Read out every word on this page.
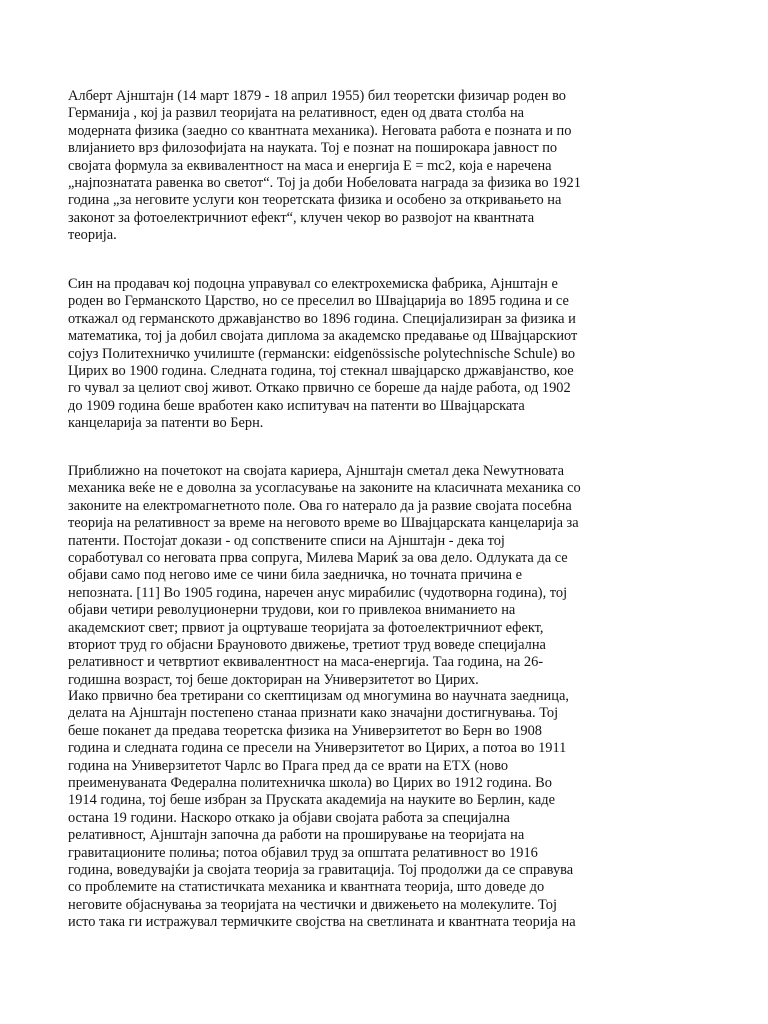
Алберт Ајнштајн (14 март 1879 - 18 април 1955) бил теоретски физичар роден во
Германија , кој ја развил теоријата на релативност, еден од двата столба на
модерната физика (заедно со квантната механика). Неговата работа е позната и по
влијанието врз филозофијата на науката. Тој е познат на поширокара јавност по
својата формула за еквивалентност на маса и енергија E = mc2, која е наречена
„најпознатата равенка во светот“. Тој ја доби Нобеловата награда за физика во 1921
година „за неговите услуги кон теоретската физика и особено за откривањето на
законот за фотоелектричниот ефект“, клучен чекор во развојот на квантната
теорија.

Син на продавач кој подоцна управувал со електрохемиска фабрика, Ајнштајн е
роден во Германското Царство, но се преселил во Швајцарија во 1895 година и се
откажал од германското државјанство во 1896 година. Специјализиран за физика и
математика, тој ја добил својата диплома за академско предавање од Швајцарскиот
сојуз Политехничко училиште (германски: eidgenössische polytechnische Schule) во
Цирих во 1900 година. Следната година, тој стекнал швајцарско државјанство, кое
го чувал за целиот свој живот. Откако првично се бореше да најде работа, од 1902
до 1909 година беше вработен како испитувач на патенти во Швајцарската
канцеларија за патенти во Берн.

Приближно на почетокот на својата кариера, Ајнштајн сметал дека Newутновата
механика веќе не е доволна за усогласување на законите на класичната механика со
законите на електромагнетното поле. Ова го натерало да ја развие својата посебна
теорија на релативност за време на неговото време во Швајцарската канцеларија за
патенти. Постојат докази - од сопствените списи на Ајнштајн - дека тој
соработувал со неговата прва сопруга, Милева Мариќ за ова дело. Одлуката да се
објави само под негово име се чини била заедничка, но точната причина е
непозната. [11] Во 1905 година, наречен анус мирабилис (чудотворна година), тој
објави четири револуционерни трудови, кои го привлекоа вниманието на
академскиот свет; првиот ја оцртуваше теоријата за фотоелектричниот ефект,
вториот труд го објасни Брауновото движење, третиот труд воведе специјална
релативност и четвртиот еквивалентност на маса-енергија. Таа година, на 26-
годишна возраст, тој беше докториран на Универзитетот во Цирих.

Иако првично беа третирани со скептицизам од многумина во научната заедница,
делата на Ајнштајн постепено станаа признати како значајни достигнувања. Тој
беше поканет да предава теоретска физика на Универзитетот во Берн во 1908
година и следната година се пресели на Универзитетот во Цирих, а потоа во 1911
година на Универзитетот Чарлс во Прага пред да се врати на ETX (ново
преименуваната Федерална политехничка школа) во Цирих во 1912 година. Во
1914 година, тој беше избран за Пруската академија на науките во Берлин, каде
остана 19 години. Наскоро откако ја објави својата работа за специјална
релативност, Ајнштајн започна да работи на проширување на теоријата на
гравитационите полиња; потоа објавил труд за општата релативност во 1916
година, воведувајќи ја својата теорија за гравитација. Тој продолжи да се справува
со проблемите на статистичката механика и квантната теорија, што доведе до
неговите објаснувања за теоријата на честички и движењето на молекулите. Тој
исто така ги истражувал термичките својства на светлината и квантната теорија на
